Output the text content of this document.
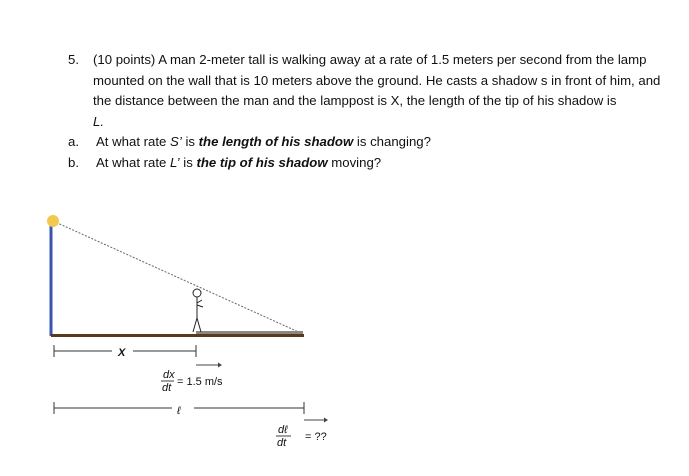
5. (10 points) A man 2-meter tall is walking away at a rate of 1.5 meters per second from the lamp mounted on the wall that is 10 meters above the ground. He casts a shadow s in front of him, and the distance between the man and the lamppost is X, the length of the tip of his shadow is
L.
a. At what rate S’ is the length of his shadow is changing?
b. At what rate L’ is the tip of his shadow moving?
X
dx
dt = 1.5 m/s
ℓ
dℓ
dt = ??
